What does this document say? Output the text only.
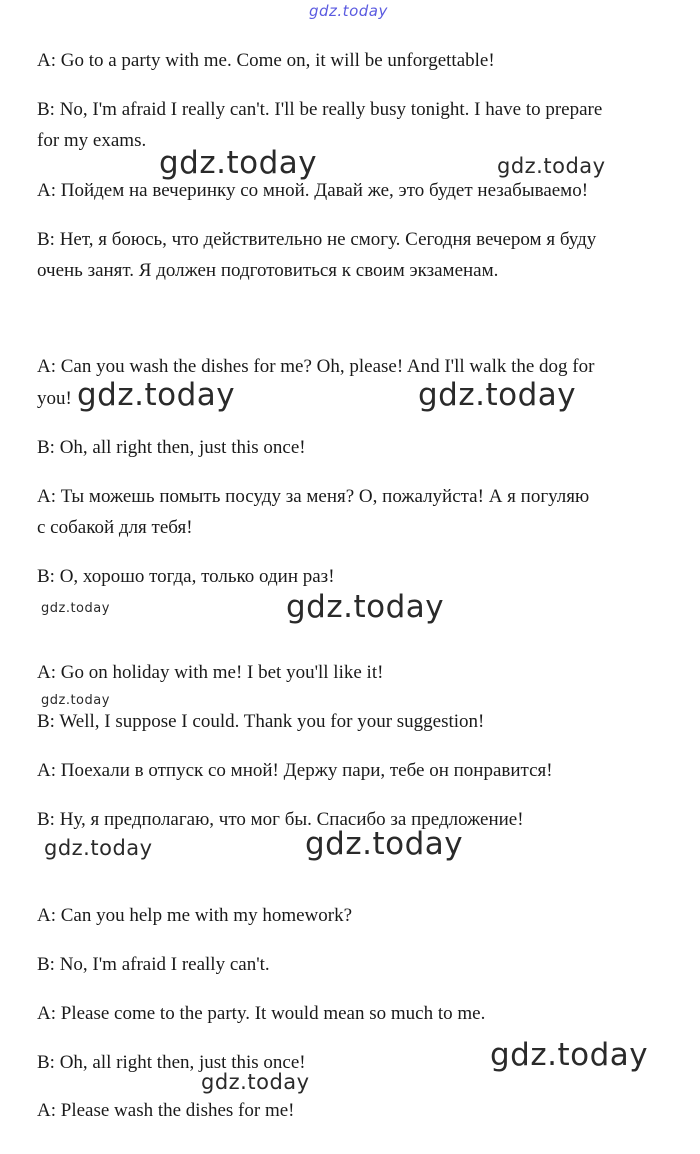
gdz.today
A: Go to a party with me. Come on, it will be unforgettable!
B: No, I'm afraid I really can't. I'll be really busy tonight. I have to prepare
for my exams.
A: Пойдем на вечеринку со мной. Давай же, это будет незабываемо!
B: Нет, я боюсь, что действительно не смогу. Сегодня вечером я буду
очень занят. Я должен подготовиться к своим экзаменам.
A: Can you wash the dishes for me? Oh, please! And I'll walk the dog for
you!
B: Oh, all right then, just this once!
A: Ты можешь помыть посуду за меня? О, пожалуйста! А я погуляю
с собакой для тебя!
B: О, хорошо тогда, только один раз!
A: Go on holiday with me! I bet you'll like it!
B: Well, I suppose I could. Thank you for your suggestion!
A: Поехали в отпуск со мной! Держу пари, тебе он понравится!
B: Ну, я предполагаю, что мог бы. Спасибо за предложение!
A: Can you help me with my homework?
B: No, I'm afraid I really can't.
A: Please come to the party. It would mean so much to me.
B: Oh, all right then, just this once!
A: Please wash the dishes for me!
gdz.today	gdz.today
gdz.today	gdz.today
gdz.today	gdz.today
gdz.today
gdz.today	gdz.today
gdz.today
gdz.today
